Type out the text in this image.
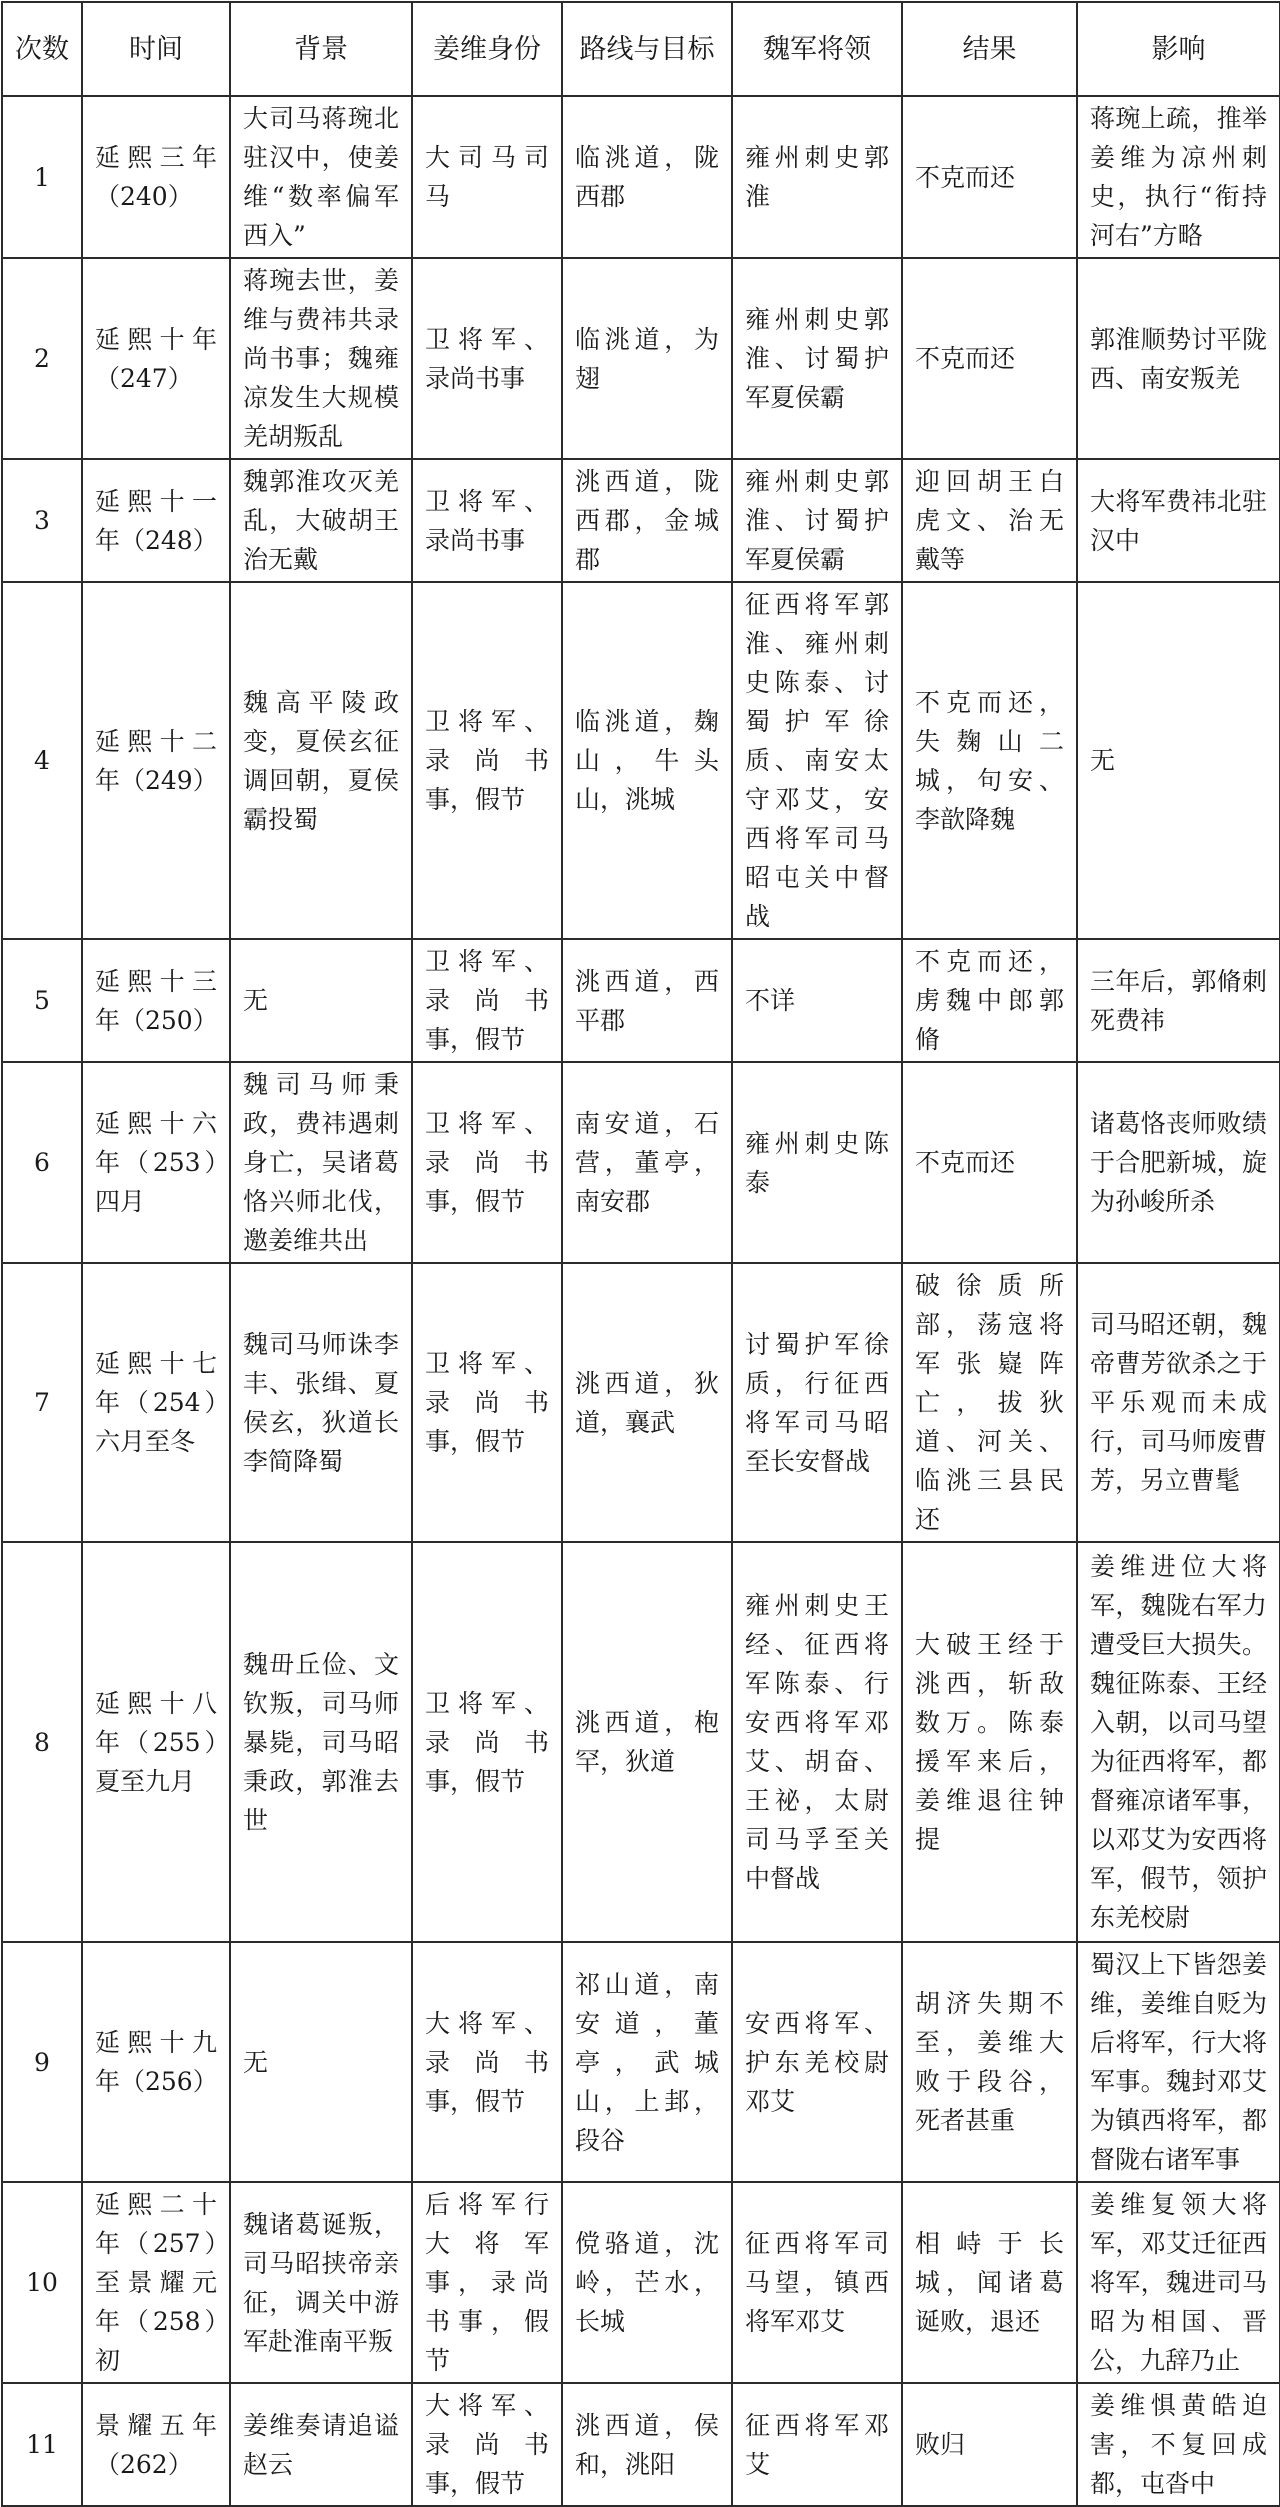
次数	时间	背景	姜维身份	路线与目标	魏军将领	结果	影响
1	延熙三年（240）	大司马蒋琬北驻汉中，使姜维“数率偏军西入”	大司马司马	临洮道，陇西郡	雍州刺史郭淮	不克而还	蒋琬上疏，推举姜维为凉州刺史，执行“衔持河右”方略
2	延熙十年（247）	蒋琬去世，姜维与费祎共录尚书事；魏雍凉发生大规模羌胡叛乱	卫将军、录尚书事	临洮道，为翅	雍州刺史郭淮、讨蜀护军夏侯霸	不克而还	郭淮顺势讨平陇西、南安叛羌
3	延熙十一年（248）	魏郭淮攻灭羌乱，大破胡王治无戴	卫将军、录尚书事	洮西道，陇西郡，金城郡	雍州刺史郭淮、讨蜀护军夏侯霸	迎回胡王白虎文、治无戴等	大将军费祎北驻汉中
4	延熙十二年（249）	魏高平陵政变，夏侯玄征调回朝，夏侯霸投蜀	卫将军、录尚书事，假节	临洮道，麹山，牛头山，洮城	征西将军郭淮、雍州刺史陈泰、讨蜀护军徐质、南安太守邓艾，安西将军司马昭屯关中督战	不克而还，失麹山二城，句安、李歆降魏	无
5	延熙十三年（250）	无	卫将军、录尚书事，假节	洮西道，西平郡	不详	不克而还，虏魏中郎郭脩	三年后，郭脩刺死费祎
6	延熙十六年（253）四月	魏司马师秉政，费祎遇刺身亡，吴诸葛恪兴师北伐，邀姜维共出	卫将军、录尚书事，假节	南安道，石营，董亭，南安郡	雍州刺史陈泰	不克而还	诸葛恪丧师败绩于合肥新城，旋为孙峻所杀
7	延熙十七年（254）六月至冬	魏司马师诛李丰、张缉、夏侯玄，狄道长李简降蜀	卫将军、录尚书事，假节	洮西道，狄道，襄武	讨蜀护军徐质，行征西将军司马昭至长安督战	破徐质所部，荡寇将军张嶷阵亡，拔狄道、河关、临洮三县民还	司马昭还朝，魏帝曹芳欲杀之于平乐观而未成行，司马师废曹芳，另立曹髦
8	延熙十八年（255）夏至九月	魏毌丘俭、文钦叛，司马师暴毙，司马昭秉政，郭淮去世	卫将军、录尚书事，假节	洮西道，枹罕，狄道	雍州刺史王经、征西将军陈泰、行安西将军邓艾、胡奋、王祕，太尉司马孚至关中督战	大破王经于洮西，斩敌数万。陈泰援军来后，姜维退往钟提	姜维进位大将军，魏陇右军力遭受巨大损失。魏征陈泰、王经入朝，以司马望为征西将军，都督雍凉诸军事，以邓艾为安西将军，假节，领护东羌校尉
9	延熙十九年（256）	无	大将军、录尚书事，假节	祁山道，南安道，董亭，武城山，上邽，段谷	安西将军、护东羌校尉邓艾	胡济失期不至，姜维大败于段谷，死者甚重	蜀汉上下皆怨姜维，姜维自贬为后将军，行大将军事。魏封邓艾为镇西将军，都督陇右诸军事
10	延熙二十年（257）至景耀元年（258）初	魏诸葛诞叛，司马昭挟帝亲征，调关中游军赴淮南平叛	后将军行大将军事，录尚书事，假节	傥骆道，沈岭，芒水，长城	征西将军司马望，镇西将军邓艾	相峙于长城，闻诸葛诞败，退还	姜维复领大将军，邓艾迁征西将军，魏进司马昭为相国、晋公，九辞乃止
11	景耀五年（262）	姜维奏请追谥赵云	大将军、录尚书事，假节	洮西道，侯和，洮阳	征西将军邓艾	败归	姜维惧黄皓迫害，不复回成都，屯沓中
